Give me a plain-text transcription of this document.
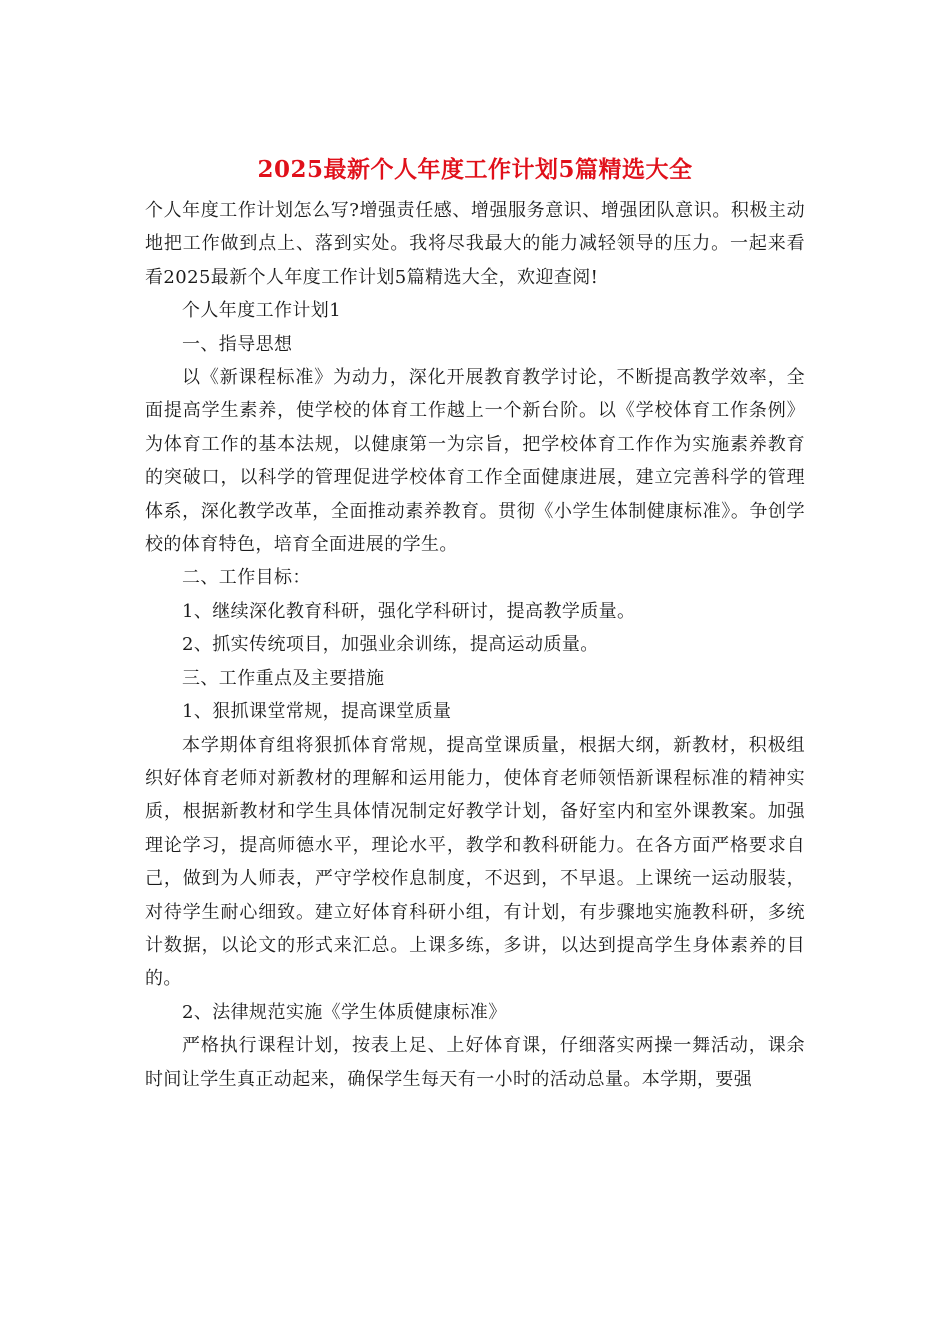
2025最新个人年度工作计划5篇精选大全

个人年度工作计划怎么写?增强责任感、增强服务意识、增强团队意识。积极主动地把工作做到点上、落到实处。我将尽我最大的能力减轻领导的压力。一起来看看2025最新个人年度工作计划5篇精选大全，欢迎查阅!

个人年度工作计划1

一、指导思想

以《新课程标准》为动力，深化开展教育教学讨论，不断提高教学效率，全面提高学生素养，使学校的体育工作越上一个新台阶。以《学校体育工作条例》为体育工作的基本法规，以健康第一为宗旨，把学校体育工作作为实施素养教育的突破口，以科学的管理促进学校体育工作全面健康进展，建立完善科学的管理体系，深化教学改革，全面推动素养教育。贯彻《小学生体制健康标准》。争创学校的体育特色，培育全面进展的学生。

二、工作目标：

1、继续深化教育科研，强化学科研讨，提高教学质量。

2、抓实传统项目，加强业余训练，提高运动质量。

三、工作重点及主要措施

1、狠抓课堂常规，提高课堂质量

本学期体育组将狠抓体育常规，提高堂课质量，根据大纲，新教材，积极组织好体育老师对新教材的理解和运用能力，使体育老师领悟新课程标准的精神实质，根据新教材和学生具体情况制定好教学计划，备好室内和室外课教案。加强理论学习，提高师德水平，理论水平，教学和教科研能力。在各方面严格要求自己，做到为人师表，严守学校作息制度，不迟到，不早退。上课统一运动服装，对待学生耐心细致。建立好体育科研小组，有计划，有步骤地实施教科研，多统计数据，以论文的形式来汇总。上课多练，多讲，以达到提高学生身体素养的目的。

2、法律规范实施《学生体质健康标准》

严格执行课程计划，按表上足、上好体育课，仔细落实两操一舞活动，课余时间让学生真正动起来，确保学生每天有一小时的活动总量。本学期，要强
